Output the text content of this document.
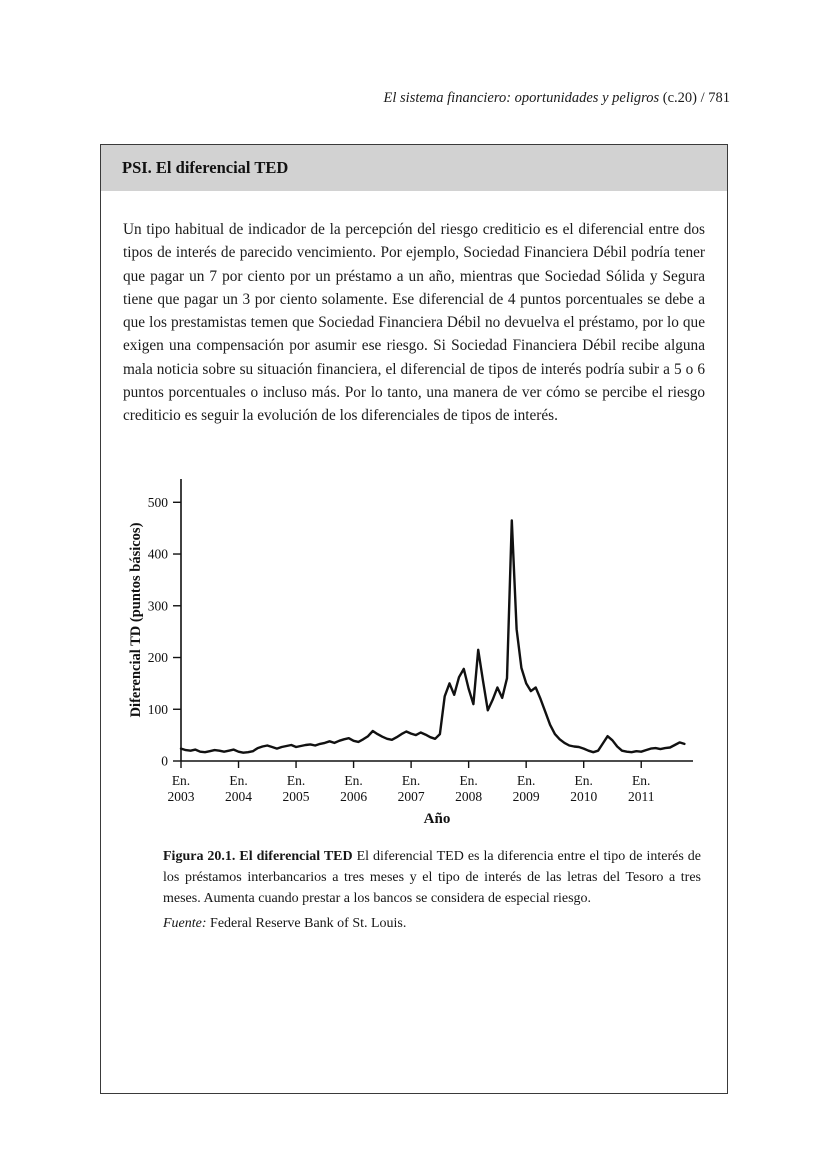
El sistema financiero: oportunidades y peligros (c.20) / 781
PSI. El diferencial TED

Un tipo habitual de indicador de la percepción del riesgo crediticio es el diferencial entre dos tipos de interés de parecido vencimiento. Por ejemplo, Sociedad Financiera Débil podría tener que pagar un 7 por ciento por un préstamo a un año, mientras que Sociedad Sólida y Segura tiene que pagar un 3 por ciento solamente. Ese diferencial de 4 puntos porcentuales se debe a que los prestamistas temen que Sociedad Financiera Débil no devuelva el préstamo, por lo que exigen una compensación por asumir ese riesgo. Si Sociedad Financiera Débil recibe alguna mala noticia sobre su situación financiera, el diferencial de tipos de interés podría subir a 5 o 6 puntos porcentuales o incluso más. Por lo tanto, una manera de ver cómo se percibe el riesgo crediticio es seguir la evolución de los diferenciales de tipos de interés.

Diferencial TD (puntos básicos)
0
100
200
300
400
500
En.
2003
En.
2004
En.
2005
En.
2006
En.
2007
En.
2008
En.
2009
En.
2010
En.
2011
Año
Figura 20.1. El diferencial TED El diferencial TED es la diferencia entre el tipo de interés de los préstamos interbancarios a tres meses y el tipo de interés de las letras del Tesoro a tres meses. Aumenta cuando prestar a los bancos se considera de especial riesgo.
Fuente: Federal Reserve Bank of St. Louis.
